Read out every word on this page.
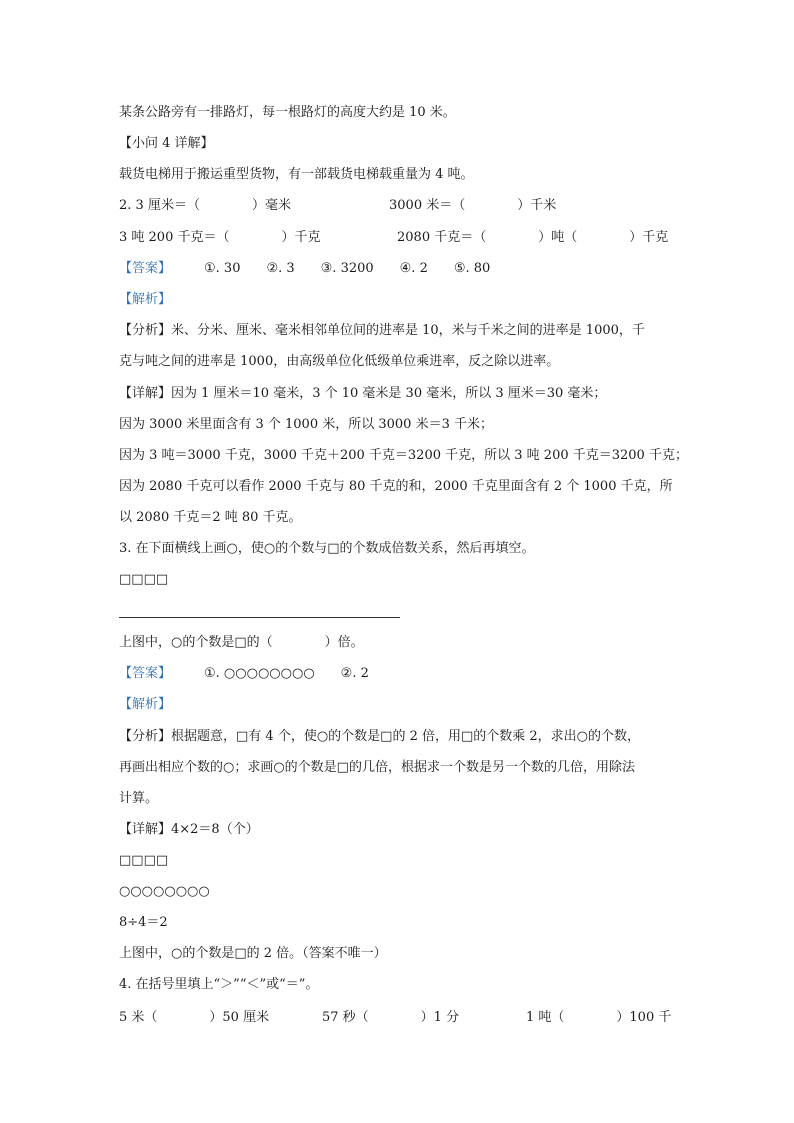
某条公路旁有一排路灯，每一根路灯的高度大约是 10 米。
【小问 4 详解】
载货电梯用于搬运重型货物，有一部载货电梯载重量为 4 吨。
2. 3 厘米＝（　　　　）毫米	3000 米＝（　　　　）千米
3 吨 200 千克＝（　　　　）千克	2080 千克＝（　　　　）吨（　　　　）千克
【答案】	①. 30　　②. 3　　③. 3200　　④. 2　　⑤. 80
【解析】
【分析】米、分米、厘米、毫米相邻单位间的进率是 10，米与千米之间的进率是 1000，千
克与吨之间的进率是 1000，由高级单位化低级单位乘进率，反之除以进率。
【详解】因为 1 厘米＝10 毫米，3 个 10 毫米是 30 毫米，所以 3 厘米＝30 毫米；
因为 3000 米里面含有 3 个 1000 米，所以 3000 米＝3 千米；
因为 3 吨＝3000 千克，3000 千克＋200 千克＝3200 千克，所以 3 吨 200 千克＝3200 千克；
因为 2080 千克可以看作 2000 千克与 80 千克的和，2000 千克里面含有 2 个 1000 千克，所
以 2080 千克＝2 吨 80 千克。
3. 在下面横线上画○，使○的个数与□的个数成倍数关系，然后再填空。
□□□□
上图中，○的个数是□的（　　　　）倍。
【答案】	①. ○○○○○○○○　　②. 2
【解析】
【分析】根据题意，□有 4 个，使○的个数是□的 2 倍，用□的个数乘 2，求出○的个数，
再画出相应个数的○；求画○的个数是□的几倍，根据求一个数是另一个数的几倍，用除法
计算。
【详解】4×2＝8（个）
□□□□
○○○○○○○○
8÷4＝2
上图中，○的个数是□的 2 倍。（答案不唯一）
4. 在括号里填上“＞”“＜”或“＝”。
5 米（　　　　）50 厘米	57 秒（　　　　）1 分	1 吨（　　　　）100 千
